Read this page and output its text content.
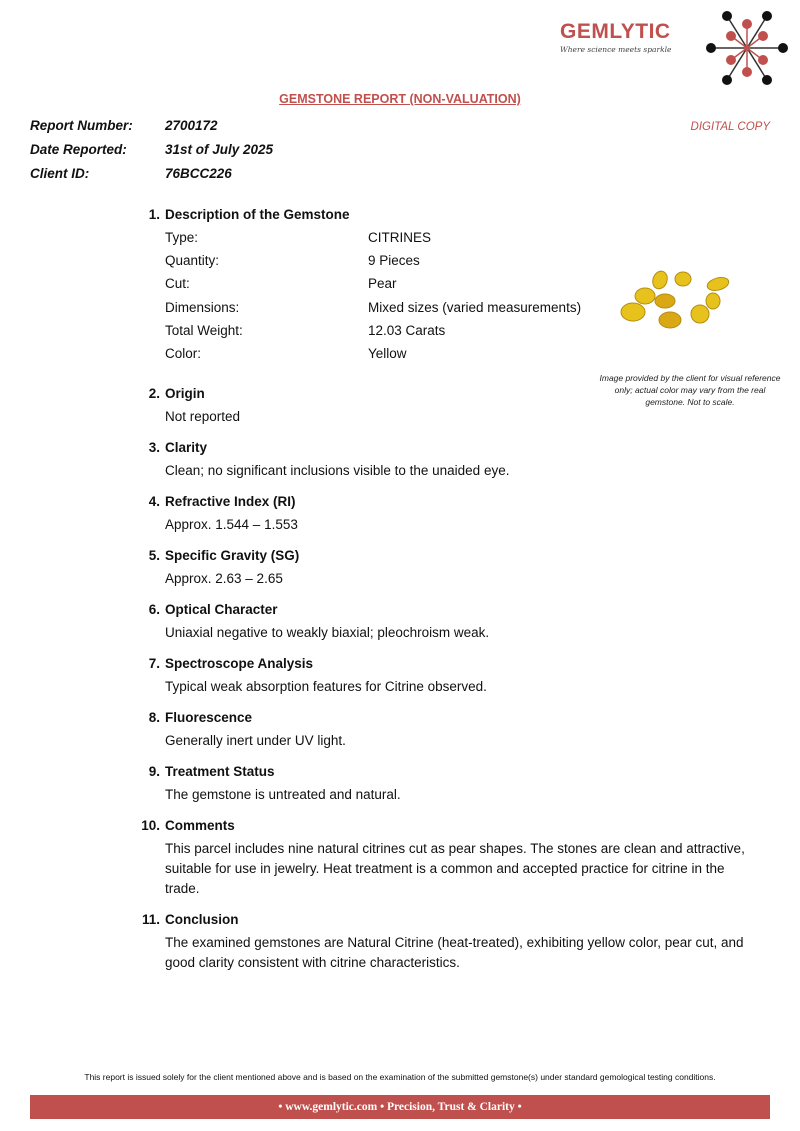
GEMLYTIC
Where science meets sparkle
GEMSTONE REPORT (NON-VALUATION)
DIGITAL COPY
Report Number:	2700172
Date Reported:	31st of July 2025
Client ID:	76BCC226
1. Description of the Gemstone
Type:	CITRINES
Quantity:	9 Pieces
Cut:	Pear
Dimensions:	Mixed sizes (varied measurements)
Total Weight:	12.03 Carats
Color:	Yellow
2. Origin

Not reported

3. Clarity

Clean; no significant inclusions visible to the unaided eye.

4. Refractive Index (RI)

Approx. 1.544 – 1.553

5. Specific Gravity (SG)

Approx. 2.63 – 2.65

6. Optical Character

Uniaxial negative to weakly biaxial; pleochroism weak.

7. Spectroscope Analysis

Typical weak absorption features for Citrine observed.

8. Fluorescence

Generally inert under UV light.

9. Treatment Status

The gemstone is untreated and natural.

10. Comments

This parcel includes nine natural citrines cut as pear shapes. The stones are clean and attractive, suitable for use in jewelry. Heat treatment is a common and accepted practice for citrine in the trade.

11. Conclusion

The examined gemstones are Natural Citrine (heat-treated), exhibiting yellow color, pear cut, and good clarity consistent with citrine characteristics.

Image provided by the client for visual reference only; actual color may vary from the real gemstone. Not to scale.
This report is issued solely for the client mentioned above and is based on the examination of the submitted gemstone(s) under standard gemological testing conditions.
• www.gemlytic.com • Precision, Trust & Clarity •
